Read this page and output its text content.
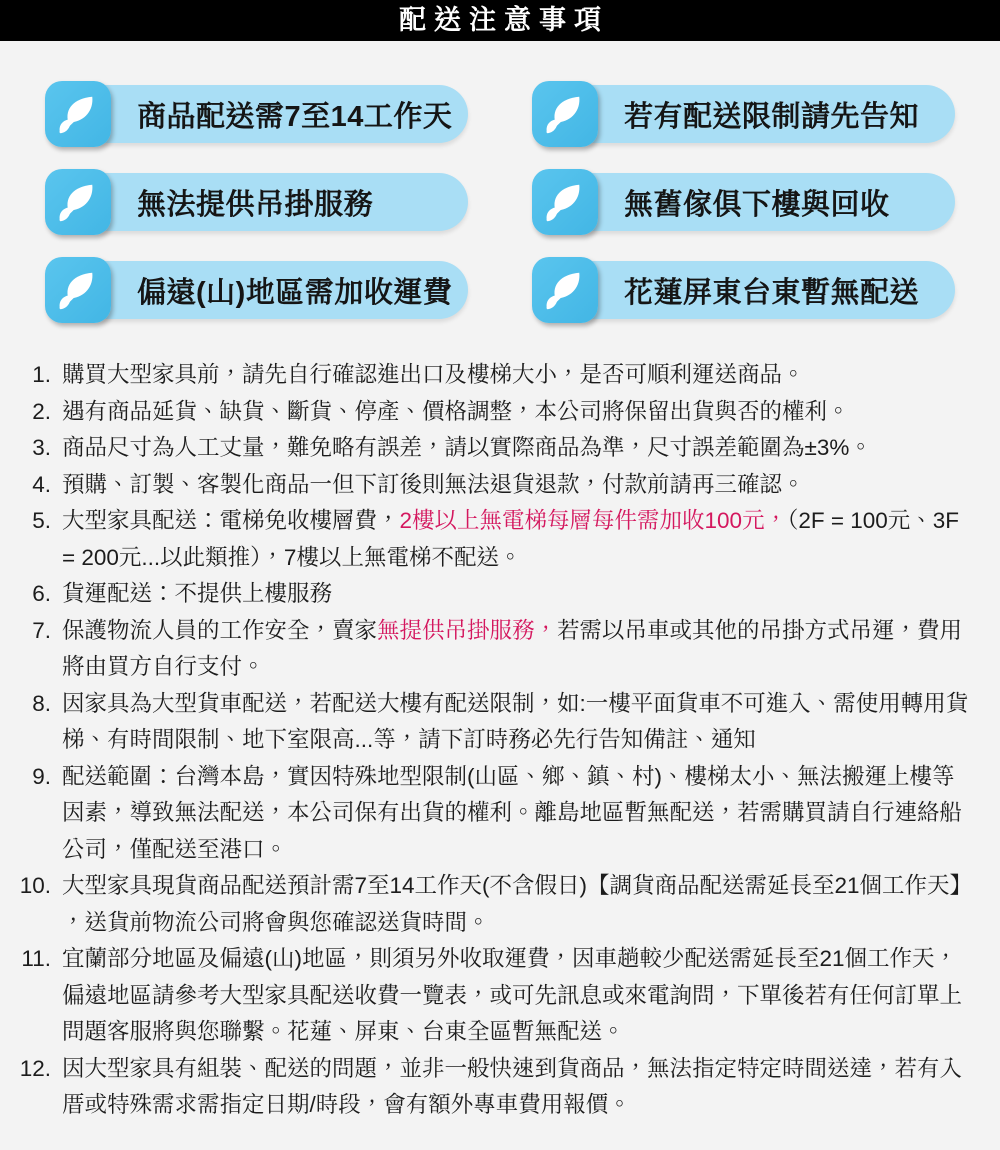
配送注意事項
商品配送需7至14工作天	若有配送限制請先告知
無法提供吊掛服務	無舊傢俱下樓與回收
偏遠(山)地區需加收運費	花蓮屏東台東暫無配送
1. 購買大型家具前，請先自行確認進出口及樓梯大小，是否可順利運送商品。

2. 遇有商品延貨、缺貨、斷貨、停產、價格調整，本公司將保留出貨與否的權利。

3. 商品尺寸為人工丈量，難免略有誤差，請以實際商品為準，尺寸誤差範圍為±3%。

4. 預購、訂製、客製化商品一但下訂後則無法退貨退款，付款前請再三確認。

5. 大型家具配送：電梯免收樓層費，2樓以上無電梯每層每件需加收100元，（2F = 100元、3F = 200元...以此類推），7樓以上無電梯不配送。

6. 貨運配送：不提供上樓服務

7. 保護物流人員的工作安全，賣家無提供吊掛服務，若需以吊車或其他的吊掛方式吊運，費用將由買方自行支付。

8. 因家具為大型貨車配送，若配送大樓有配送限制，如:一樓平面貨車不可進入、需使用轉用貨梯、有時間限制、地下室限高...等，請下訂時務必先行告知備註、通知

9. 配送範圍：台灣本島，實因特殊地型限制(山區、鄉、鎮、村)、樓梯太小、無法搬運上樓等因素，導致無法配送，本公司保有出貨的權利。離島地區暫無配送，若需購買請自行連絡船公司，僅配送至港口。

10. 大型家具現貨商品配送預計需7至14工作天(不含假日)【調貨商品配送需延長至21個工作天】，送貨前物流公司將會與您確認送貨時間。

11. 宜蘭部分地區及偏遠(山)地區，則須另外收取運費，因車趟較少配送需延長至21個工作天，偏遠地區請參考大型家具配送收費一覽表，或可先訊息或來電詢問，下單後若有任何訂單上問題客服將與您聯繫。花蓮、屏東、台東全區暫無配送。

12. 因大型家具有組裝、配送的問題，並非一般快速到貨商品，無法指定特定時間送達，若有入厝或特殊需求需指定日期/時段，會有額外專車費用報價。
